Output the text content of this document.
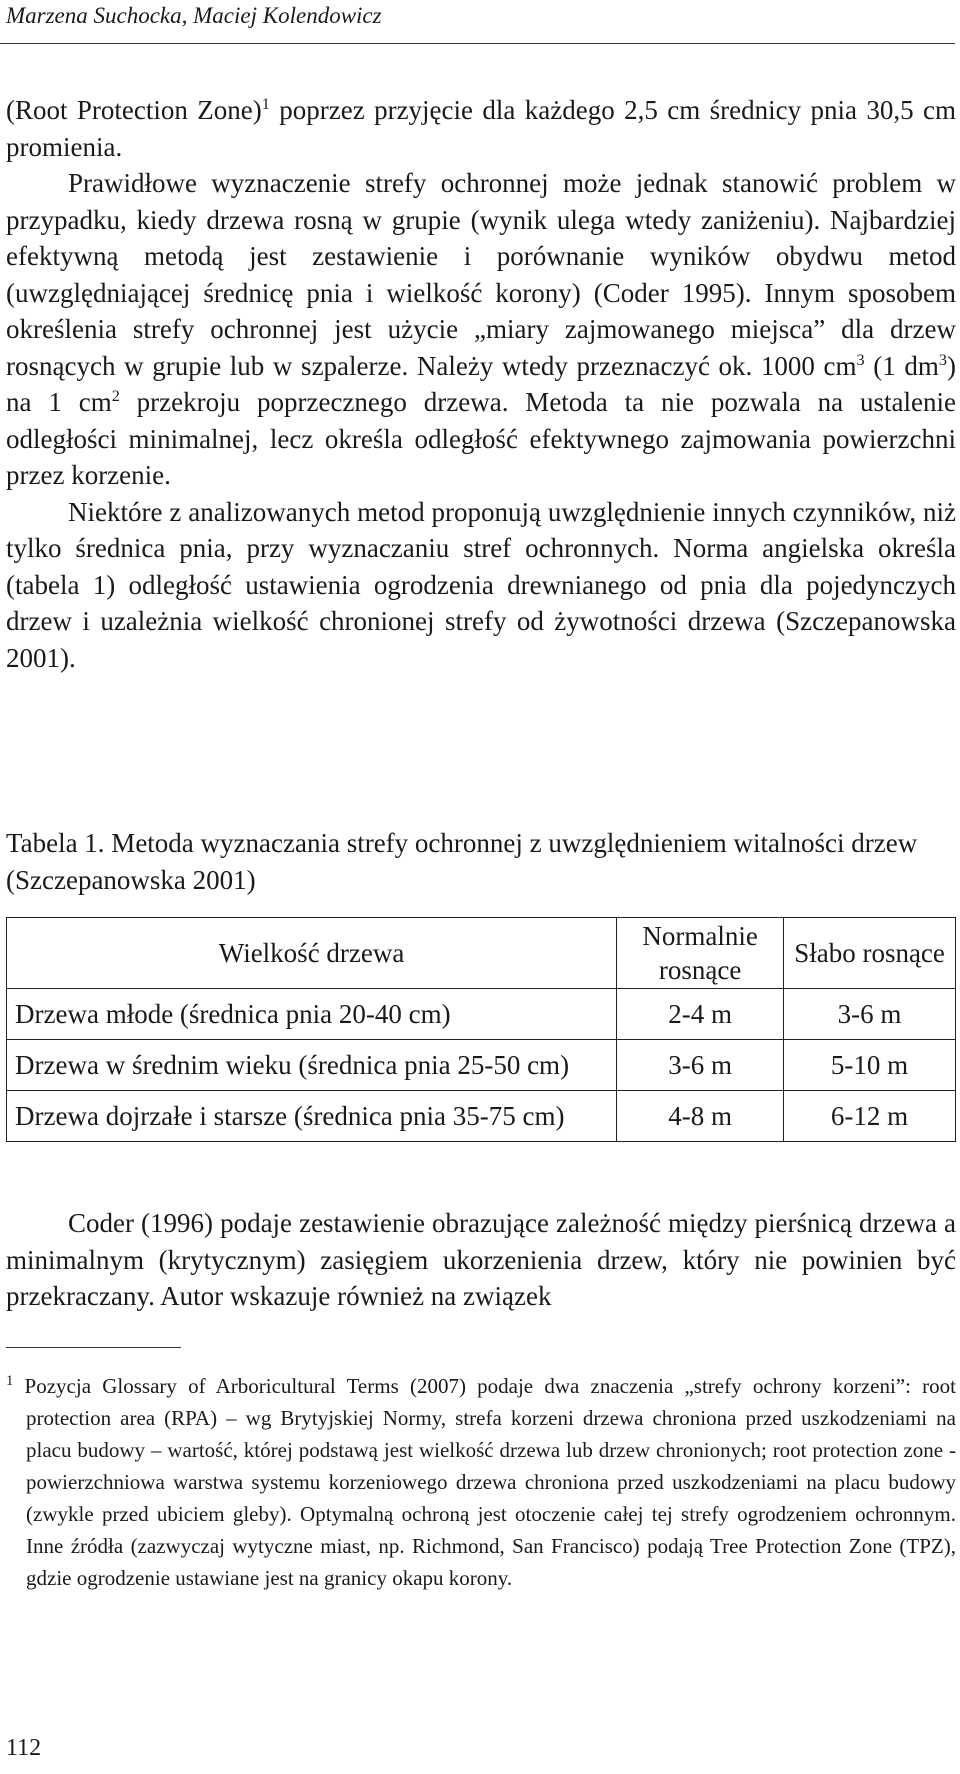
Marzena Suchocka, Maciej Kolendowicz

(Root Protection Zone)$^1$ poprzez przyjęcie dla każdego 2,5 cm średnicy pnia 30,5 cm promienia.

Prawidłowe wyznaczenie strefy ochronnej może jednak stanowić problem w przypadku, kiedy drzewa rosną w grupie (wynik ulega wtedy zaniżeniu). Najbardziej efektywną metodą jest zestawienie i porównanie wyników obydwu metod (uwzględniającej średnicę pnia i wielkość korony) (Coder 1995). Innym sposobem określenia strefy ochronnej jest użycie „miary zajmowanego miejsca” dla drzew rosnących w grupie lub w szpalerze. Należy wtedy przeznaczyć ok. 1000 $cm^3$ (1 $dm^3$) na 1 $cm^2$ przekroju poprzecznego drzewa. Metoda ta nie pozwala na ustalenie odległości minimalnej, lecz określa odległość efektywnego zajmowania powierzchni przez korzenie.

Niektóre z analizowanych metod proponują uwzględnienie innych czynników, niż tylko średnica pnia, przy wyznaczaniu stref ochronnych. Norma angielska określa (tabela 1) odległość ustawienia ogrodzenia drewnianego od pnia dla pojedynczych drzew i uzależnia wielkość chronionej strefy od żywotności drzewa (Szczepanowska 2001).

Tabela 1. Metoda wyznaczania strefy ochronnej z uwzględnieniem witalności drzew (Szczepanowska 2001)
Wielkość drzewa	Normalnie rosnące	Słabo rosnące
Drzewa młode (średnica pnia 20-40 cm)	2-4 m	3-6 m
Drzewa w średnim wieku (średnica pnia 25-50 cm)	3-6 m	5-10 m
Drzewa dojrzałe i starsze (średnica pnia 35-75 cm)	4-8 m	6-12 m

Coder (1996) podaje zestawienie obrazujące zależność między pierśnicą drzewa a minimalnym (krytycznym) zasięgiem ukorzenienia drzew, który nie powinien być przekraczany. Autor wskazuje również na związek

$^1$ Pozycja Glossary of Arboricultural Terms (2007) podaje dwa znaczenia „strefy ochrony korzeni”: root protection area (RPA) – wg Brytyjskiej Normy, strefa korzeni drzewa chroniona przed uszkodzeniami na placu budowy – wartość, której podstawą jest wielkość drzewa lub drzew chronionych; root protection zone -powierzchniowa warstwa systemu korzeniowego drzewa chroniona przed uszkodzeniami na placu budowy (zwykle przed ubiciem gleby). Optymalną ochroną jest otoczenie całej tej strefy ogrodzeniem ochronnym. Inne źródła (zazwyczaj wytyczne miast, np. Richmond, San Francisco) podają Tree Protection Zone (TPZ), gdzie ogrodzenie ustawiane jest na granicy okapu korony.
112
